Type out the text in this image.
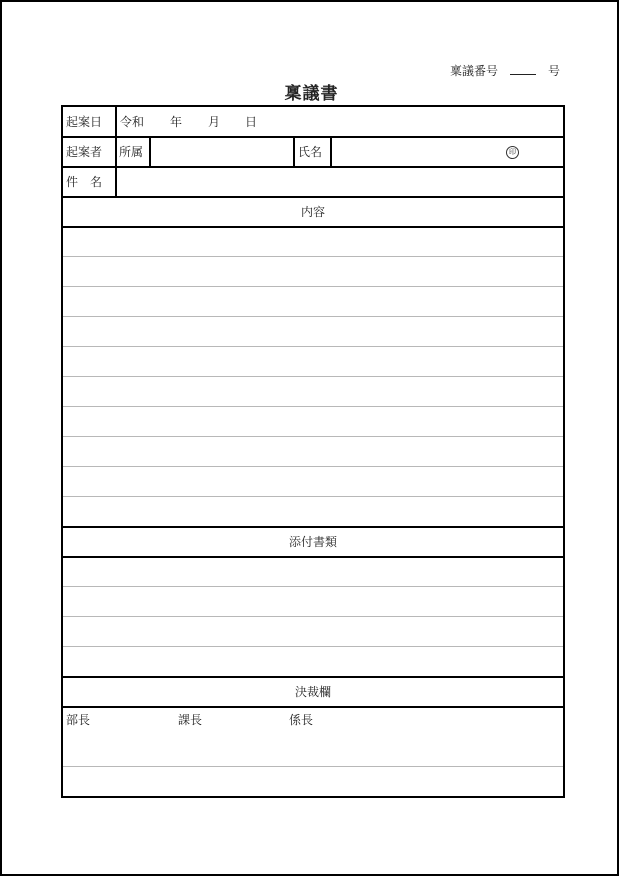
稟議番号	号
稟議書
起案日 令和 年 月 日
起案者 所属	氏名	印
件　名
内容
添付書類
決裁欄
部長	課長	係長
